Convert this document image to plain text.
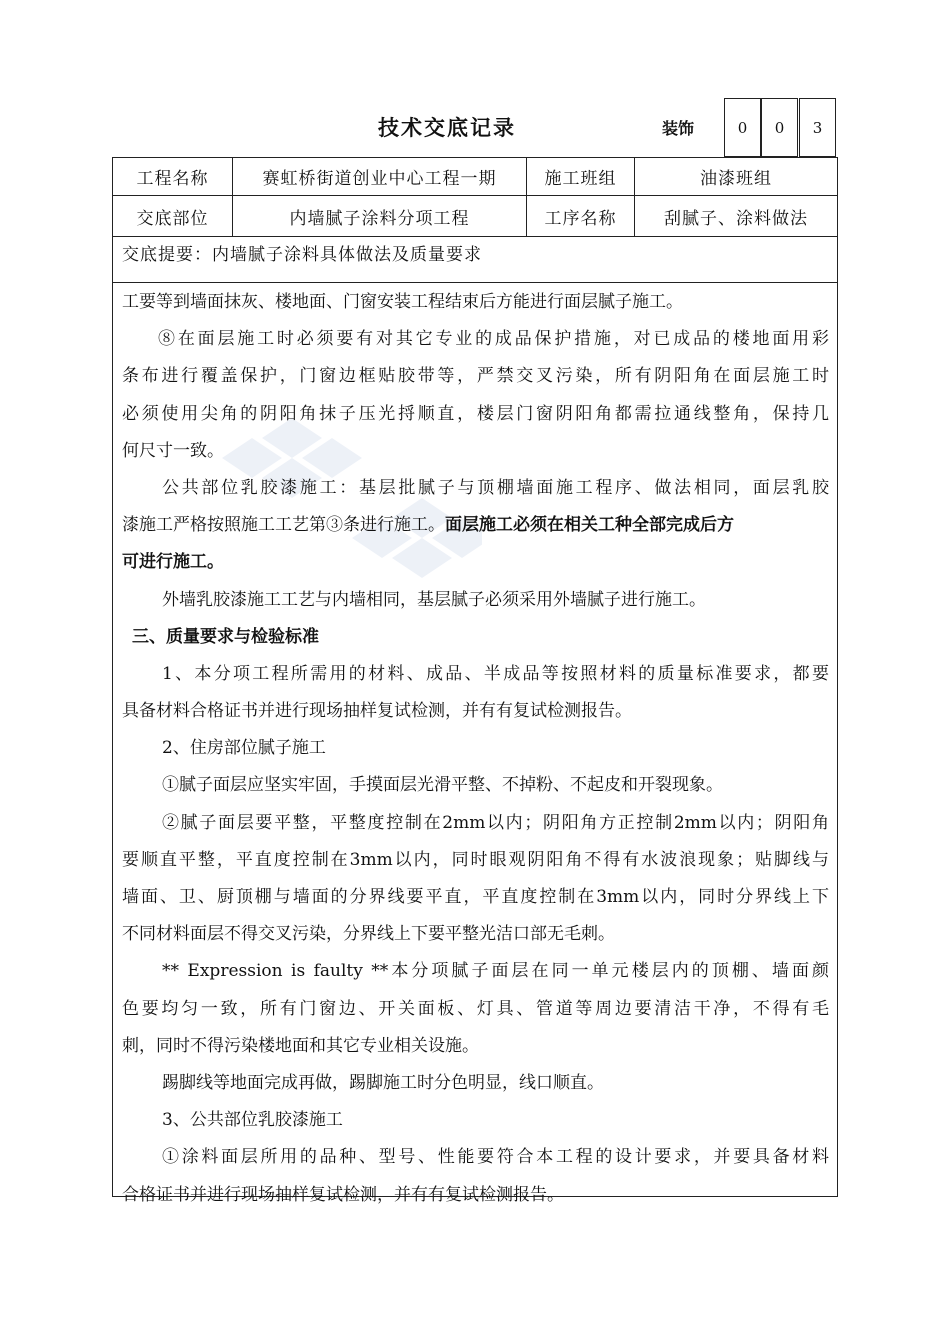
技术交底记录	装饰	0	0	3
工程名称	赛虹桥街道创业中心工程一期	施工班组	油漆班组
交底部位	内墙腻子涂料分项工程	工序名称	刮腻子、涂料做法
交底提要：内墙腻子涂料具体做法及质量要求
工要等到墙面抹灰、楼地面、门窗安装工程结束后方能进行面层腻子施工。
⑧在面层施工时必须要有对其它专业的成品保护措施，对已成品的楼地面用彩
条布进行覆盖保护，门窗边框贴胶带等，严禁交叉污染，所有阴阳角在面层施工时
必须使用尖角的阴阳角抹子压光捋顺直，楼层门窗阴阳角都需拉通线整角，保持几
何尺寸一致。
公共部位乳胶漆施工：基层批腻子与顶棚墙面施工程序、做法相同，面层乳胶
漆施工严格按照施工工艺第③条进行施工。面层施工必须在相关工种全部完成后方
可进行施工。
外墙乳胶漆施工工艺与内墙相同，基层腻子必须采用外墙腻子进行施工。
三、质量要求与检验标准
1、本分项工程所需用的材料、成品、半成品等按照材料的质量标准要求，都要
具备材料合格证书并进行现场抽样复试检测，并有有复试检测报告。
2、住房部位腻子施工
①腻子面层应坚实牢固，手摸面层光滑平整、不掉粉、不起皮和开裂现象。
②腻子面层要平整，平整度控制在2mm以内；阴阳角方正控制2mm以内；阴阳角
要顺直平整，平直度控制在3mm以内，同时眼观阴阳角不得有水波浪现象；贴脚线与
墙面、卫、厨顶棚与墙面的分界线要平直，平直度控制在3mm以内，同时分界线上下
不同材料面层不得交叉污染，分界线上下要平整光洁口部无毛刺。
** Expression is faulty **本分项腻子面层在同一单元楼层内的顶棚、墙面颜
色要均匀一致，所有门窗边、开关面板、灯具、管道等周边要清洁干净，不得有毛
刺，同时不得污染楼地面和其它专业相关设施。
踢脚线等地面完成再做，踢脚施工时分色明显，线口顺直。
3、公共部位乳胶漆施工
①涂料面层所用的品种、型号、性能要符合本工程的设计要求，并要具备材料
合格证书并进行现场抽样复试检测，并有有复试检测报告。
